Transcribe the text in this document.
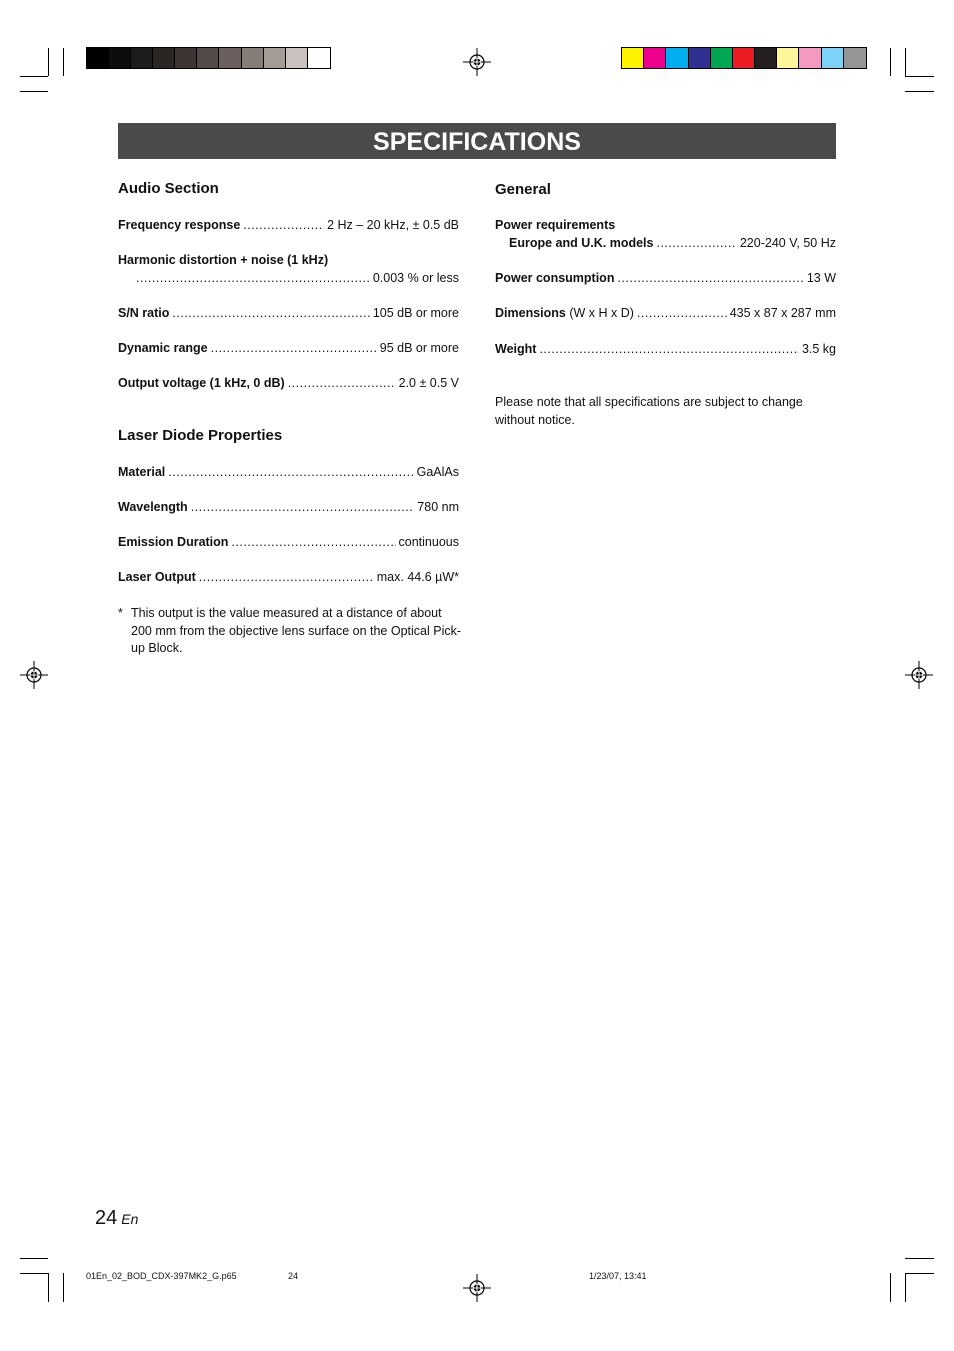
SPECIFICATIONS
Audio Section
Frequency response .....	2 Hz – 20 kHz, ± 0.5 dB
Harmonic distortion + noise (1 kHz)
.....
0.003 % or less
S/N ratio .....	105 dB or more
Dynamic range .....	95 dB or more
Output voltage (1 kHz, 0 dB) .....	2.0 ± 0.5 V
Laser Diode Properties
Material .....	GaAlAs
Wavelength .....	780 nm
Emission Duration .....	continuous
Laser Output .....	max. 44.6 µW*
* This output is the value measured at a distance of about 200 mm from the objective lens surface on the Optical Pick-up Block.
General
Power requirements
Europe and U.K. models .....	220-240 V, 50 Hz
Power consumption .....	13 W
Dimensions (W x H x D) .....	435 x 87 x 287 mm
Weight .....	3.5 kg
Please note that all specifications are subject to change without notice.
24 En
01En_02_BOD_CDX-397MK2_G.p65	24	1/23/07, 13:41
